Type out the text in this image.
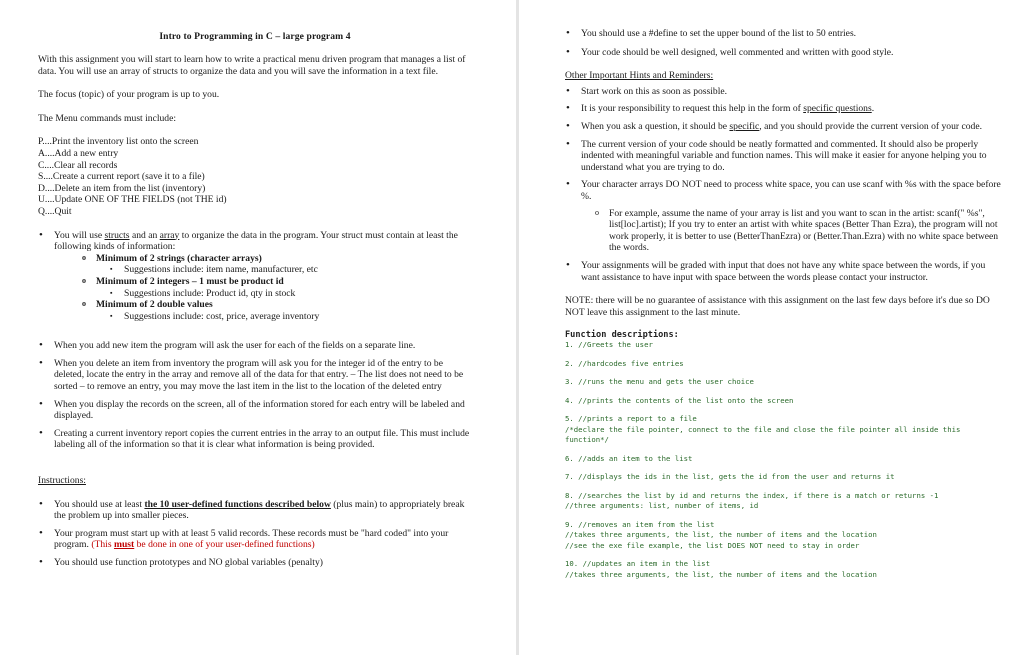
Intro to Programming in C – large program 4

With this assignment you will start to learn how to write a practical menu driven program that manages a list of data. You will use an array of structs to organize the data and you will save the information in a text file.

The focus (topic) of your program is up to you.

The Menu commands must include:

P....Print the inventory list onto the screen
A....Add a new entry
C....Clear all records
S....Create a current report (save it to a file)
D....Delete an item from the list (inventory)
U....Update ONE OF THE FIELDS (not THE id)
Q....Quit
• You will use structs and an array to organize the data in the program. Your struct must contain at least the following kinds of information:
o Minimum of 2 strings (character arrays)
▪ Suggestions include: item name, manufacturer, etc
o Minimum of 2 integers – 1 must be product id
▪ Suggestions include: Product id, qty in stock
o Minimum of 2 double values
▪ Suggestions include: cost, price, average inventory
• When you add new item the program will ask the user for each of the fields on a separate line.
• When you delete an item from inventory the program will ask you for the integer id of the entry to be deleted, locate the entry in the array and remove all of the data for that entry. – The list does not need to be sorted – to remove an entry, you may move the last item in the list to the location of the deleted entry
• When you display the records on the screen, all of the information stored for each entry will be labeled and displayed.
• Creating a current inventory report copies the current entries in the array to an output file. This must include labeling all of the information so that it is clear what information is being provided.

Instructions:

• You should use at least the 10 user-defined functions described below (plus main) to appropriately break the problem up into smaller pieces.
• Your program must start up with at least 5 valid records. These records must be "hard coded" into your program. (This must be done in one of your user-defined functions)
• You should use function prototypes and NO global variables (penalty)
• You should use a #define to set the upper bound of the list to 50 entries.
• Your code should be well designed, well commented and written with good style.

Other Important Hints and Reminders:

• Start work on this as soon as possible.
• It is your responsibility to request this help in the form of specific questions.
• When you ask a question, it should be specific, and you should provide the current version of your code.
• The current version of your code should be neatly formatted and commented. It should also be properly indented with meaningful variable and function names. This will make it easier for anyone helping you to understand what you are trying to do.
• Your character arrays DO NOT need to process white space, you can use scanf with %s with the space before %.
o For example, assume the name of your array is list and you want to scan in the artist: scanf(" %s", list[loc].artist); If you try to enter an artist with white spaces (Better Than Ezra), the program will not work properly, it is better to use (BetterThanEzra) or (Better.Than.Ezra) with no white space between the words.
• Your assignments will be graded with input that does not have any white space between the words, if you want assistance to have input with space between the words please contact your instructor.

NOTE: there will be no guarantee of assistance with this assignment on the last few days before it's due so DO NOT leave this assignment to the last minute.

Function descriptions:
1. //Greets the user
2. //hardcodes five entries
3. //runs the menu and gets the user choice
4. //prints the contents of the list onto the screen
5. //prints a report to a file
/*declare the file pointer, connect to the file and close the file pointer all inside this function*/
6. //adds an item to the list
7. //displays the ids in the list, gets the id from the user and returns it
8. //searches the list by id and returns the index, if there is a match or returns -1
//three arguments: list, number of items, id
9. //removes an item from the list
//takes three arguments, the list, the number of items and the location
//see the exe file example, the list DOES NOT need to stay in order
10. //updates an item in the list
//takes three arguments, the list, the number of items and the location
